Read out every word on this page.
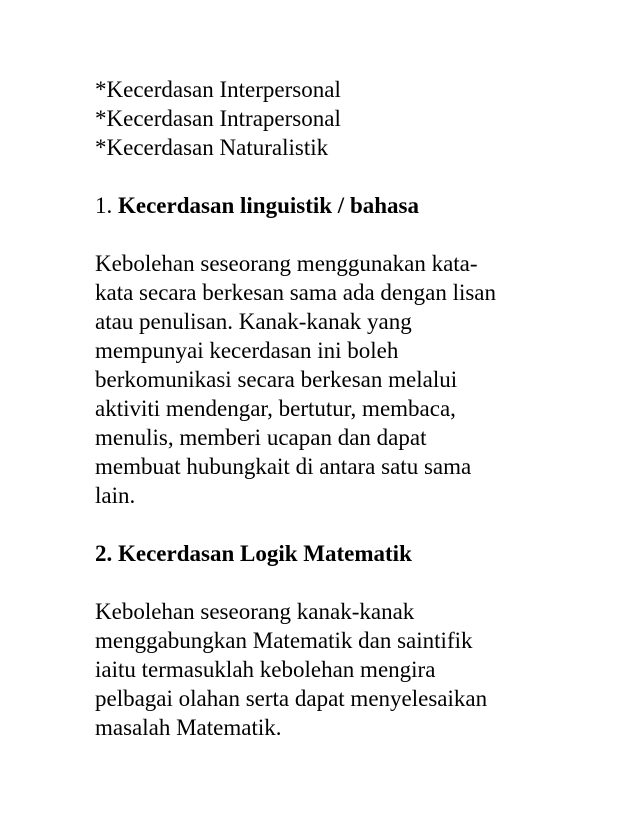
*Kecerdasan Interpersonal
*Kecerdasan Intrapersonal
*Kecerdasan Naturalistik
1. Kecerdasan linguistik / bahasa
Kebolehan seseorang menggunakan kata-
kata secara berkesan sama ada dengan lisan
atau penulisan. Kanak-kanak yang
mempunyai kecerdasan ini boleh
berkomunikasi secara berkesan melalui
aktiviti mendengar, bertutur, membaca,
menulis, memberi ucapan dan dapat
membuat hubungkait di antara satu sama
lain.
2. Kecerdasan Logik Matematik
Kebolehan seseorang kanak-kanak
menggabungkan Matematik dan saintifik
iaitu termasuklah kebolehan mengira
pelbagai olahan serta dapat menyelesaikan
masalah Matematik.
